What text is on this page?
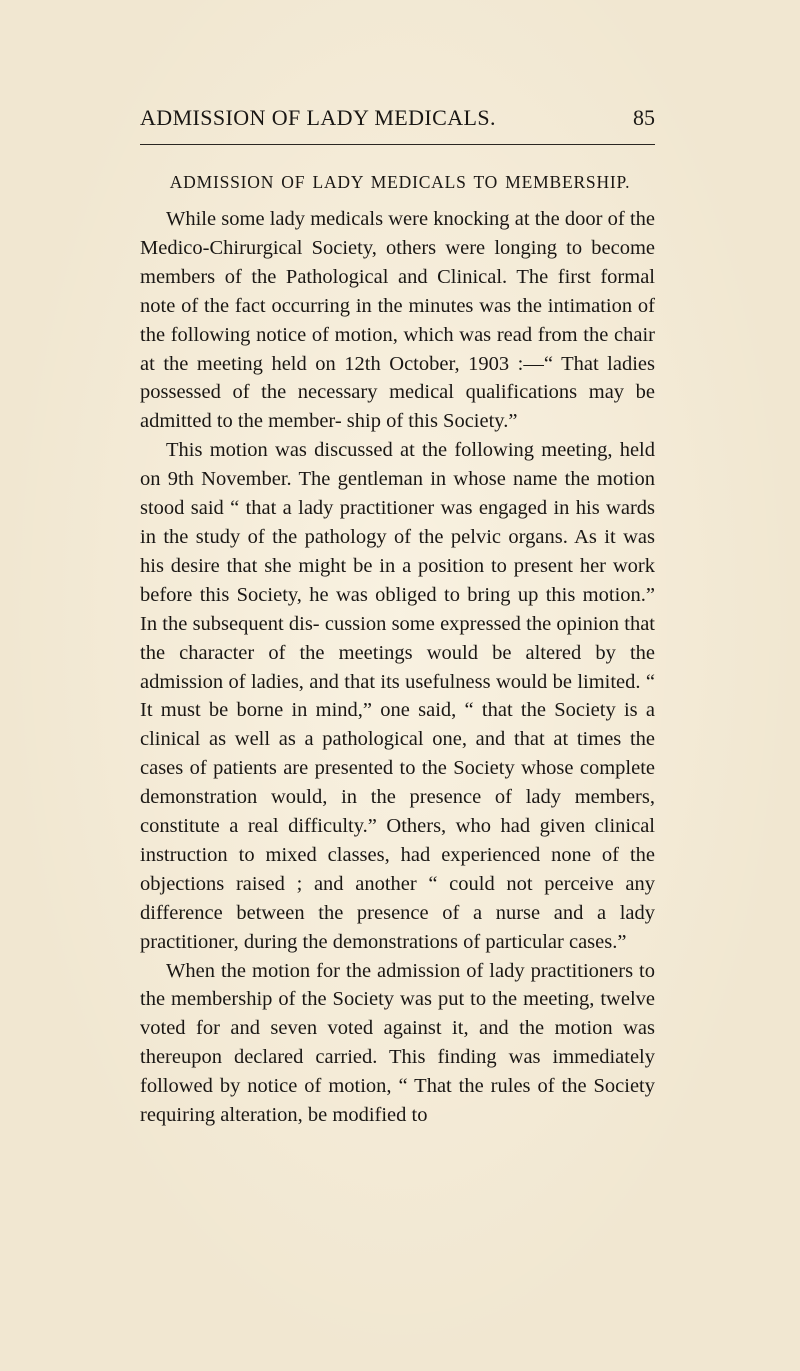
ADMISSION OF LADY MEDICALS.	85
ADMISSION OF LADY MEDICALS TO MEMBERSHIP.

While some lady medicals were knocking at the door of the Medico-Chirurgical Society, others were longing to become members of the Pathological and Clinical. The first formal note of the fact occurring in the minutes was the intimation of the following notice of motion, which was read from the chair at the meeting held on 12th October, 1903 :—“ That ladies possessed of the necessary medical qualifications may be admitted to the member- ship of this Society.”

This motion was discussed at the following meeting, held on 9th November. The gentleman in whose name the motion stood said “ that a lady practitioner was engaged in his wards in the study of the pathology of the pelvic organs. As it was his desire that she might be in a position to present her work before this Society, he was obliged to bring up this motion.” In the subsequent dis- cussion some expressed the opinion that the character of the meetings would be altered by the admission of ladies, and that its usefulness would be limited. “ It must be borne in mind,” one said, “ that the Society is a clinical as well as a pathological one, and that at times the cases of patients are presented to the Society whose complete demonstration would, in the presence of lady members, constitute a real difficulty.” Others, who had given clinical instruction to mixed classes, had experienced none of the objections raised ; and another “ could not perceive any difference between the presence of a nurse and a lady practitioner, during the demonstrations of particular cases.”

When the motion for the admission of lady practitioners to the membership of the Society was put to the meeting, twelve voted for and seven voted against it, and the motion was thereupon declared carried. This finding was immediately followed by notice of motion, “ That the rules of the Society requiring alteration, be modified to
